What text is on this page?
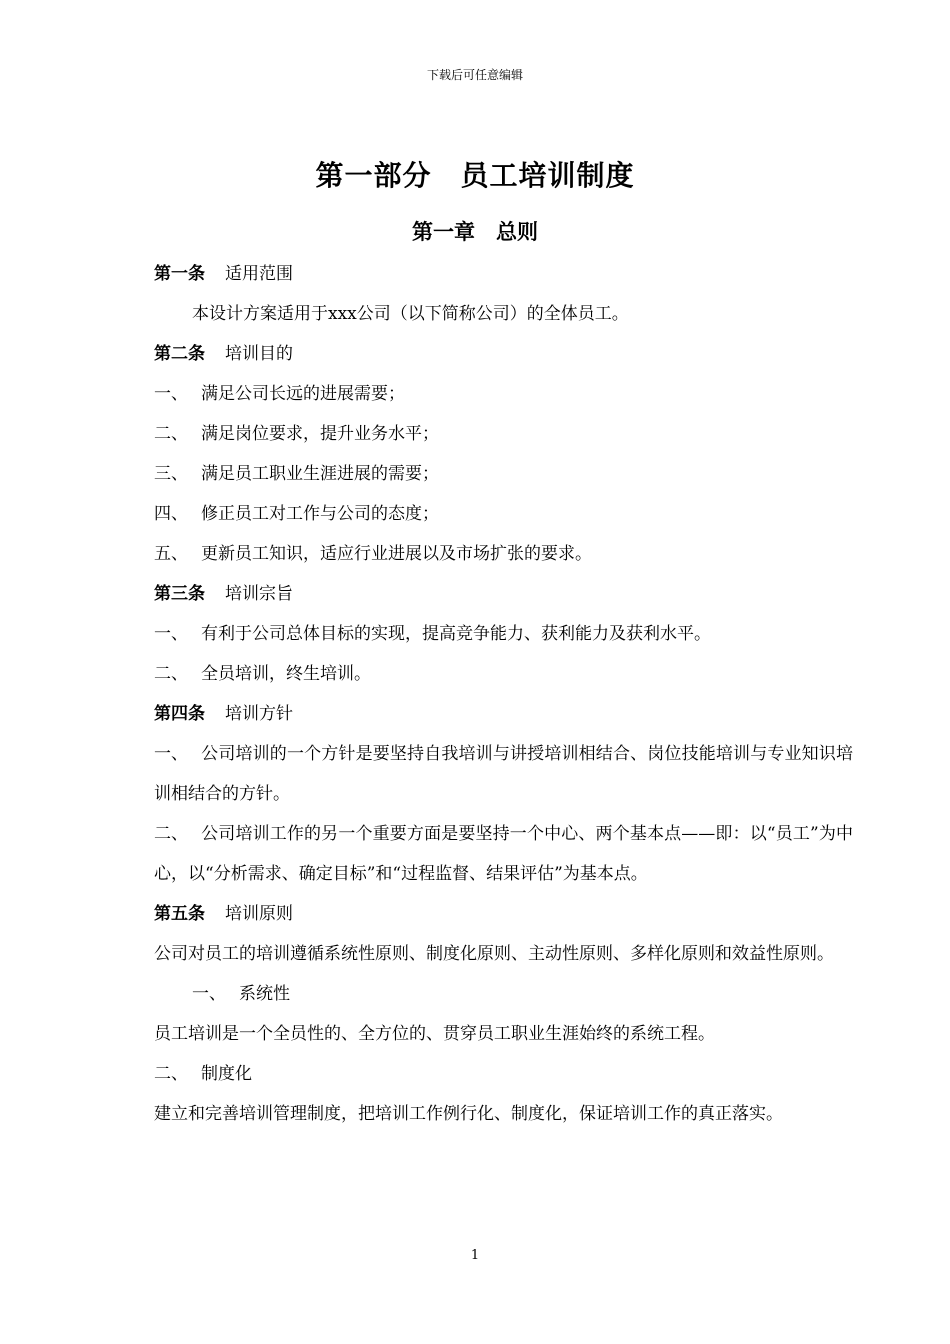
下载后可任意编辑
第一部分　员工培训制度
第一章　总则

第一条 适用范围

本设计方案适用于xxx公司（以下简称公司）的全体员工。

第二条 培训目的

一、 满足公司长远的进展需要；

二、 满足岗位要求，提升业务水平；

三、 满足员工职业生涯进展的需要；

四、 修正员工对工作与公司的态度；

五、 更新员工知识，适应行业进展以及市场扩张的要求。

第三条 培训宗旨

一、 有利于公司总体目标的实现，提高竞争能力、获利能力及获利水平。

二、 全员培训，终生培训。

第四条 培训方针

一、 公司培训的一个方针是要坚持自我培训与讲授培训相结合、岗位技能培训与专业知识培训相结合的方针。

二、 公司培训工作的另一个重要方面是要坚持一个中心、两个基本点——即：以“员工”为中心，以“分析需求、确定目标”和“过程监督、结果评估”为基本点。

第五条 培训原则

公司对员工的培训遵循系统性原则、制度化原则、主动性原则、多样化原则和效益性原则。

一、 系统性

员工培训是一个全员性的、全方位的、贯穿员工职业生涯始终的系统工程。

二、 制度化

建立和完善培训管理制度，把培训工作例行化、制度化，保证培训工作的真正落实。

1
